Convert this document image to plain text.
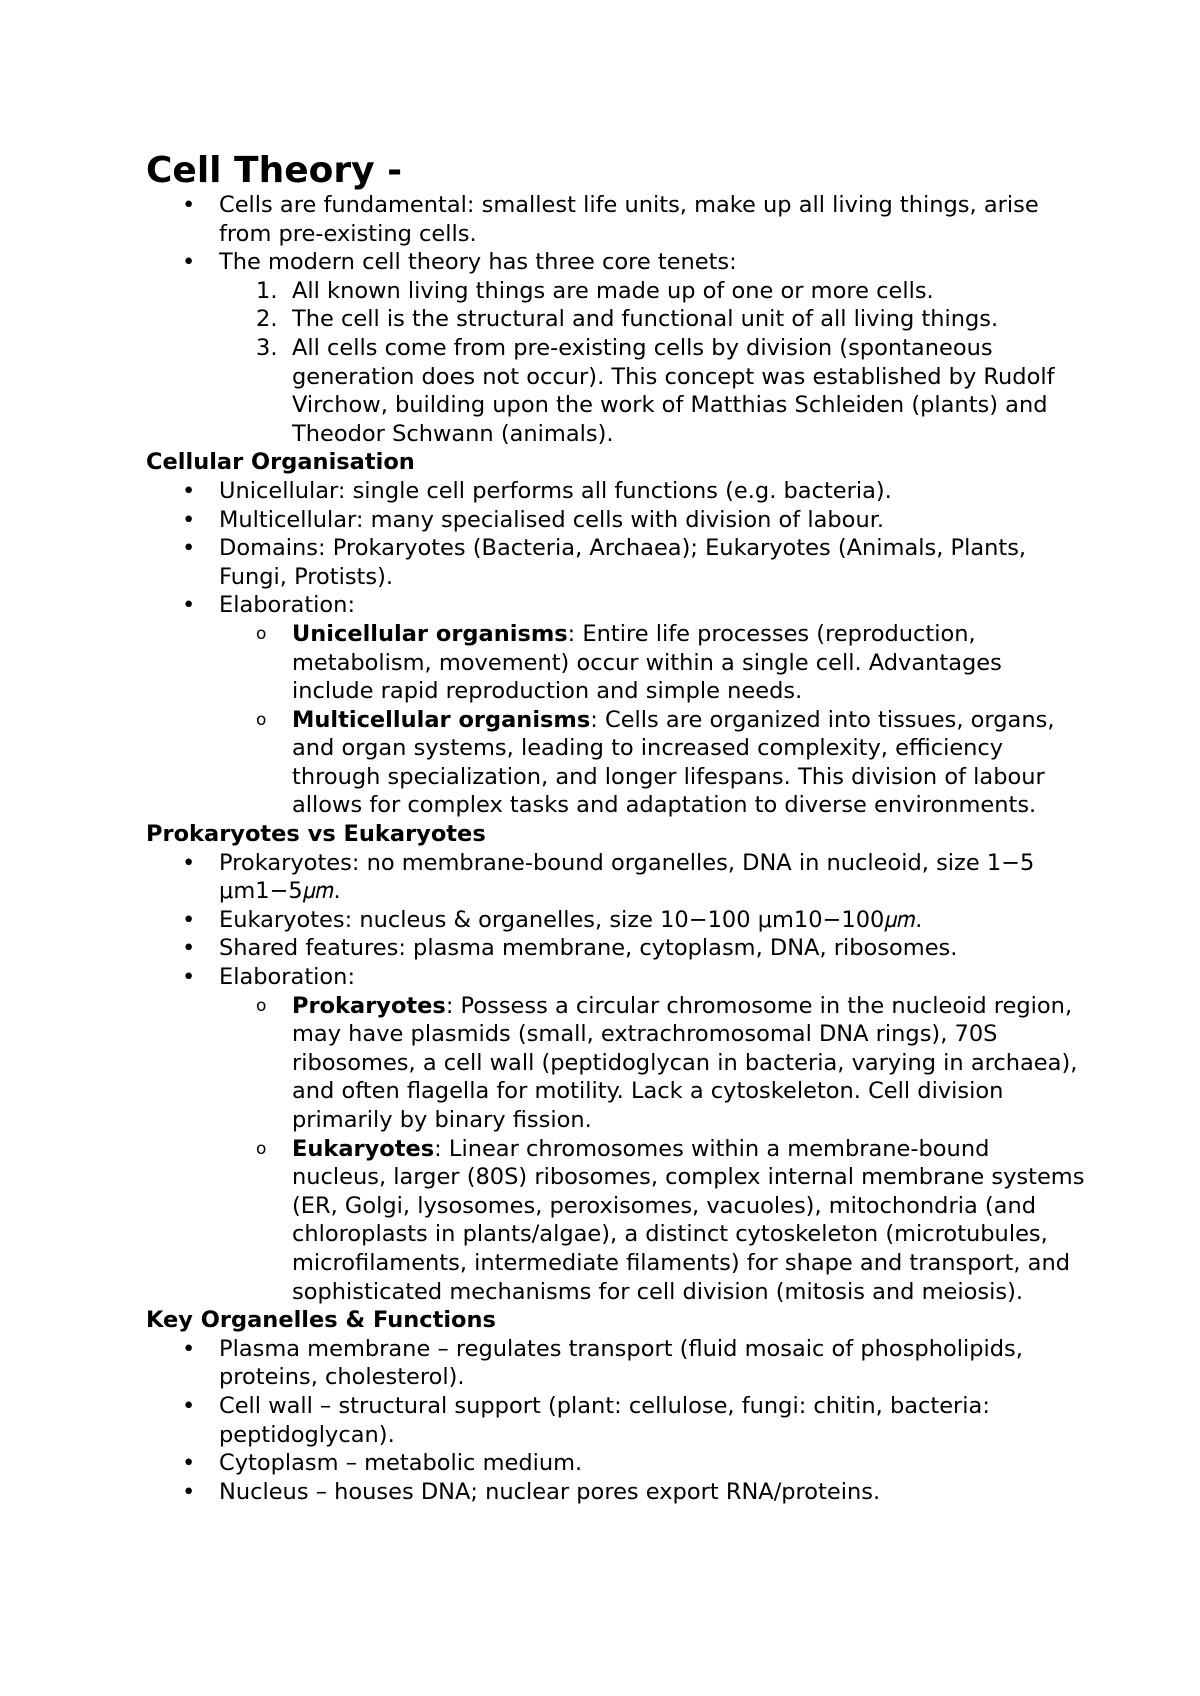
Cell Theory -
• Cells are fundamental: smallest life units, make up all living things, arise from pre-existing cells.
• The modern cell theory has three core tenets:
1. All known living things are made up of one or more cells.
2. The cell is the structural and functional unit of all living things.
3. All cells come from pre-existing cells by division (spontaneous generation does not occur). This concept was established by Rudolf Virchow, building upon the work of Matthias Schleiden (plants) and Theodor Schwann (animals).
Cellular Organisation
• Unicellular: single cell performs all functions (e.g. bacteria).
• Multicellular: many specialised cells with division of labour.
• Domains: Prokaryotes (Bacteria, Archaea); Eukaryotes (Animals, Plants, Fungi, Protists).
• Elaboration:
o Unicellular organisms: Entire life processes (reproduction, metabolism, movement) occur within a single cell. Advantages include rapid reproduction and simple needs.
o Multicellular organisms: Cells are organized into tissues, organs, and organ systems, leading to increased complexity, efficiency through specialization, and longer lifespans. This division of labour allows for complex tasks and adaptation to diverse environments.
Prokaryotes vs Eukaryotes
• Prokaryotes: no membrane-bound organelles, DNA in nucleoid, size 1−5 μm1−5𝜇𝑚.
• Eukaryotes: nucleus & organelles, size 10−100 μm10−100𝜇𝑚.
• Shared features: plasma membrane, cytoplasm, DNA, ribosomes.
• Elaboration:
o Prokaryotes: Possess a circular chromosome in the nucleoid region, may have plasmids (small, extrachromosomal DNA rings), 70S ribosomes, a cell wall (peptidoglycan in bacteria, varying in archaea), and often flagella for motility. Lack a cytoskeleton. Cell division primarily by binary fission.
o Eukaryotes: Linear chromosomes within a membrane-bound nucleus, larger (80S) ribosomes, complex internal membrane systems (ER, Golgi, lysosomes, peroxisomes, vacuoles), mitochondria (and chloroplasts in plants/algae), a distinct cytoskeleton (microtubules, microfilaments, intermediate filaments) for shape and transport, and sophisticated mechanisms for cell division (mitosis and meiosis).
Key Organelles & Functions
• Plasma membrane – regulates transport (fluid mosaic of phospholipids, proteins, cholesterol).
• Cell wall – structural support (plant: cellulose, fungi: chitin, bacteria: peptidoglycan).
• Cytoplasm – metabolic medium.
• Nucleus – houses DNA; nuclear pores export RNA/proteins.
